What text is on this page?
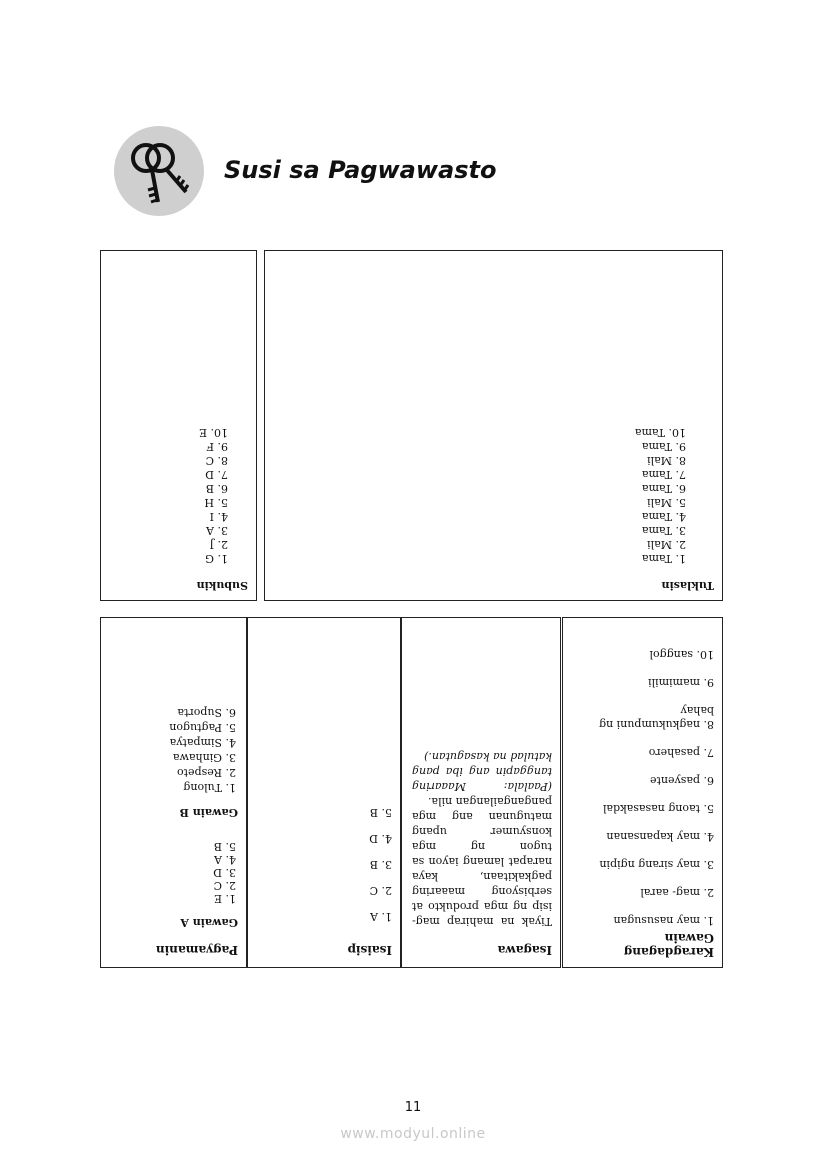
Susi sa Pagwawasto
Subukin
1. G
2. J
3. A
4. I
5. H
6. B
7. D
8. C
9. F
10. E
Tuklasin
1. Tama
2. Mali
3. Tama
4. Tama
5. Mali
6. Tama
7. Tama
8. Mali
9. Tama
10. Tama
Pagyamanin
Gawain A
1. E
2. C
3. D
4. A
5. B
Gawain B
1. Tulong
2. Respeto
3. Ginhawa
4. Simpatya
5. Pagtugon
6. Suporta
Isaisip
1. A
2. C
3. B
4. D
5. B
Isagawa

Tiyak na mahirap mag-isip ng mga produkto at serbisyong maaaring pagkakitaan, kaya narapat lamang iayon sa tugon ng mga konsyumer upang matugunan ang mga pangangailangan nila.

(Paalala: Maaaring tanggapin ang iba pang katulad na kasagutan.)

Karagdagang
Gawain
1. may nasusugan
2. mag- aaral
3. may sirang ngipin
4. may kapansanan
5. taong nasasakdal
6. pasyente
7. pasahero
8. nagkukumpuni ng bahay
9. mamimili
10. sanggol
11
www.modyul.online
